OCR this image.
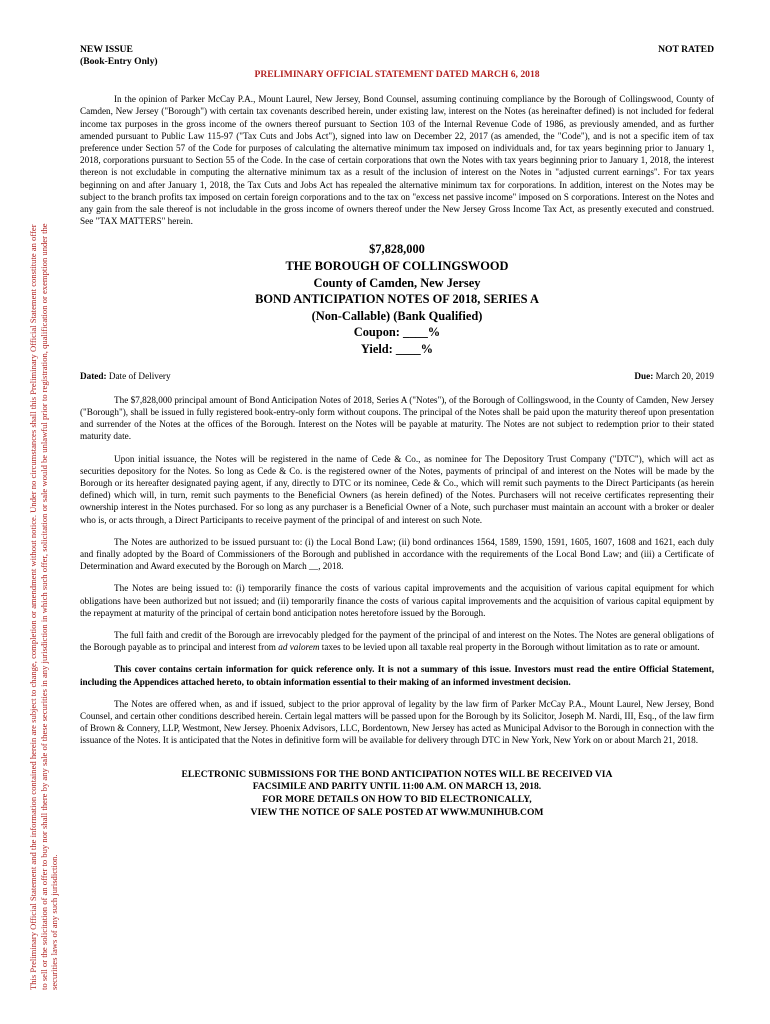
This Preliminary Official Statement and the information contained herein are subject to change, completion or amendment without notice. Under no circumstances shall this Preliminary Official Statement constitute an offer to sell or the solicitation of an offer to buy nor shall there by any sale of these securities in any jurisdiction in which such offer, solicitation or sale would be unlawful prior to registration, qualification or exemption under the securities laws of any such jurisdiction.
NEW ISSUE
(Book-Entry Only)
NOT RATED
PRELIMINARY OFFICIAL STATEMENT DATED MARCH 6, 2018

In the opinion of Parker McCay P.A., Mount Laurel, New Jersey, Bond Counsel, assuming continuing compliance by the Borough of Collingswood, County of Camden, New Jersey ("Borough") with certain tax covenants described herein, under existing law, interest on the Notes (as hereinafter defined) is not included for federal income tax purposes in the gross income of the owners thereof pursuant to Section 103 of the Internal Revenue Code of 1986, as previously amended, and as further amended pursuant to Public Law 115-97 ("Tax Cuts and Jobs Act"), signed into law on December 22, 2017 (as amended, the "Code"), and is not a specific item of tax preference under Section 57 of the Code for purposes of calculating the alternative minimum tax imposed on individuals and, for tax years beginning prior to January 1, 2018, corporations pursuant to Section 55 of the Code. In the case of certain corporations that own the Notes with tax years beginning prior to January 1, 2018, the interest thereon is not excludable in computing the alternative minimum tax as a result of the inclusion of interest on the Notes in "adjusted current earnings". For tax years beginning on and after January 1, 2018, the Tax Cuts and Jobs Act has repealed the alternative minimum tax for corporations. In addition, interest on the Notes may be subject to the branch profits tax imposed on certain foreign corporations and to the tax on "excess net passive income" imposed on S corporations. Interest on the Notes and any gain from the sale thereof is not includable in the gross income of owners thereof under the New Jersey Gross Income Tax Act, as presently executed and construed. See "TAX MATTERS" herein.

$7,828,000
THE BOROUGH OF COLLINGSWOOD
County of Camden, New Jersey
BOND ANTICIPATION NOTES OF 2018, SERIES A
(Non-Callable) (Bank Qualified)
Coupon: ____%
Yield: ____%
Dated: Date of Delivery	Due: March 20, 2019

The $7,828,000 principal amount of Bond Anticipation Notes of 2018, Series A ("Notes"), of the Borough of Collingswood, in the County of Camden, New Jersey ("Borough"), shall be issued in fully registered book-entry-only form without coupons. The principal of the Notes shall be paid upon the maturity thereof upon presentation and surrender of the Notes at the offices of the Borough. Interest on the Notes will be payable at maturity. The Notes are not subject to redemption prior to their stated maturity date.

Upon initial issuance, the Notes will be registered in the name of Cede & Co., as nominee for The Depository Trust Company ("DTC"), which will act as securities depository for the Notes. So long as Cede & Co. is the registered owner of the Notes, payments of principal of and interest on the Notes will be made by the Borough or its hereafter designated paying agent, if any, directly to DTC or its nominee, Cede & Co., which will remit such payments to the Direct Participants (as herein defined) which will, in turn, remit such payments to the Beneficial Owners (as herein defined) of the Notes. Purchasers will not receive certificates representing their ownership interest in the Notes purchased. For so long as any purchaser is a Beneficial Owner of a Note, such purchaser must maintain an account with a broker or dealer who is, or acts through, a Direct Participants to receive payment of the principal of and interest on such Note.

The Notes are authorized to be issued pursuant to: (i) the Local Bond Law; (ii) bond ordinances 1564, 1589, 1590, 1591, 1605, 1607, 1608 and 1621, each duly and finally adopted by the Board of Commissioners of the Borough and published in accordance with the requirements of the Local Bond Law; and (iii) a Certificate of Determination and Award executed by the Borough on March __, 2018.

The Notes are being issued to: (i) temporarily finance the costs of various capital improvements and the acquisition of various capital equipment for which obligations have been authorized but not issued; and (ii) temporarily finance the costs of various capital improvements and the acquisition of various capital equipment by the repayment at maturity of the principal of certain bond anticipation notes heretofore issued by the Borough.

The full faith and credit of the Borough are irrevocably pledged for the payment of the principal of and interest on the Notes. The Notes are general obligations of the Borough payable as to principal and interest from ad valorem taxes to be levied upon all taxable real property in the Borough without limitation as to rate or amount.

This cover contains certain information for quick reference only. It is not a summary of this issue. Investors must read the entire Official Statement, including the Appendices attached hereto, to obtain information essential to their making of an informed investment decision.

The Notes are offered when, as and if issued, subject to the prior approval of legality by the law firm of Parker McCay P.A., Mount Laurel, New Jersey, Bond Counsel, and certain other conditions described herein. Certain legal matters will be passed upon for the Borough by its Solicitor, Joseph M. Nardi, III, Esq., of the law firm of Brown & Connery, LLP, Westmont, New Jersey. Phoenix Advisors, LLC, Bordentown, New Jersey has acted as Municipal Advisor to the Borough in connection with the issuance of the Notes. It is anticipated that the Notes in definitive form will be available for delivery through DTC in New York, New York on or about March 21, 2018.

ELECTRONIC SUBMISSIONS FOR THE BOND ANTICIPATION NOTES WILL BE RECEIVED VIA
FACSIMILE AND PARITY UNTIL 11:00 A.M. ON MARCH 13, 2018.
FOR MORE DETAILS ON HOW TO BID ELECTRONICALLY,
VIEW THE NOTICE OF SALE POSTED AT WWW.MUNIHUB.COM
